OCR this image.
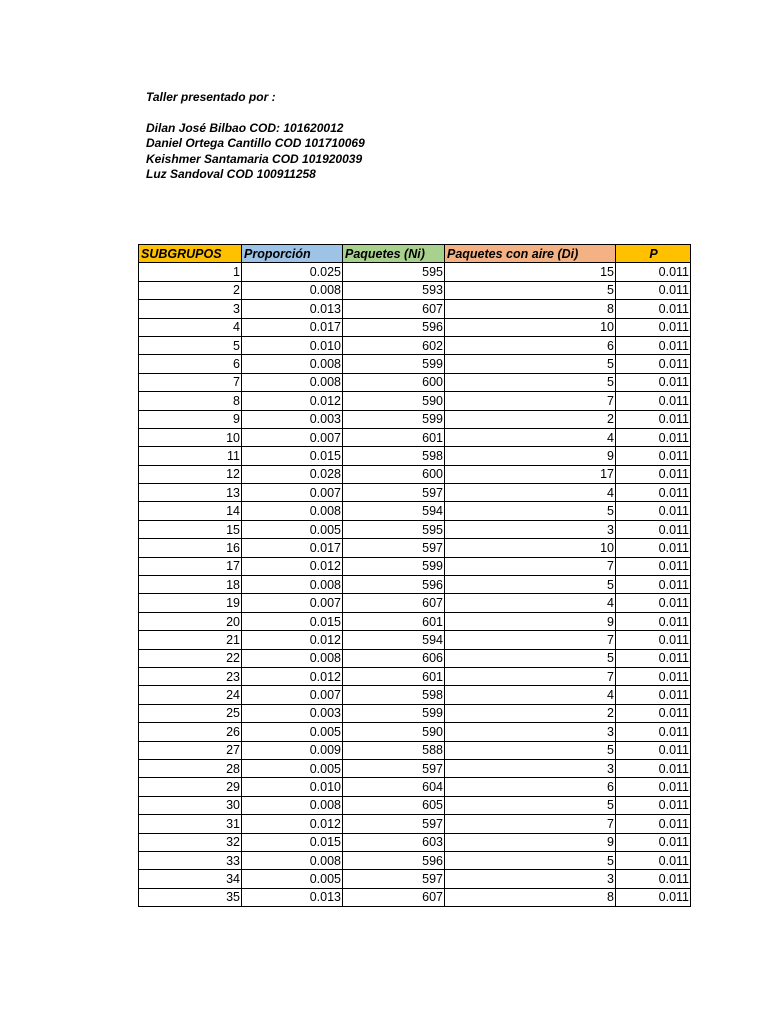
Taller presentado por :
Dilan José Bilbao COD: 101620012
Daniel Ortega Cantillo COD 101710069
Keishmer Santamaria COD 101920039
Luz Sandoval COD 100911258
SUBGRUPOS	Proporción	Paquetes (Ni)	Paquetes con aire (Di)	P
1	0.025	595	15	0.011
2	0.008	593	5	0.011
3	0.013	607	8	0.011
4	0.017	596	10	0.011
5	0.010	602	6	0.011
6	0.008	599	5	0.011
7	0.008	600	5	0.011
8	0.012	590	7	0.011
9	0.003	599	2	0.011
10	0.007	601	4	0.011
11	0.015	598	9	0.011
12	0.028	600	17	0.011
13	0.007	597	4	0.011
14	0.008	594	5	0.011
15	0.005	595	3	0.011
16	0.017	597	10	0.011
17	0.012	599	7	0.011
18	0.008	596	5	0.011
19	0.007	607	4	0.011
20	0.015	601	9	0.011
21	0.012	594	7	0.011
22	0.008	606	5	0.011
23	0.012	601	7	0.011
24	0.007	598	4	0.011
25	0.003	599	2	0.011
26	0.005	590	3	0.011
27	0.009	588	5	0.011
28	0.005	597	3	0.011
29	0.010	604	6	0.011
30	0.008	605	5	0.011
31	0.012	597	7	0.011
32	0.015	603	9	0.011
33	0.008	596	5	0.011
34	0.005	597	3	0.011
35	0.013	607	8	0.011
